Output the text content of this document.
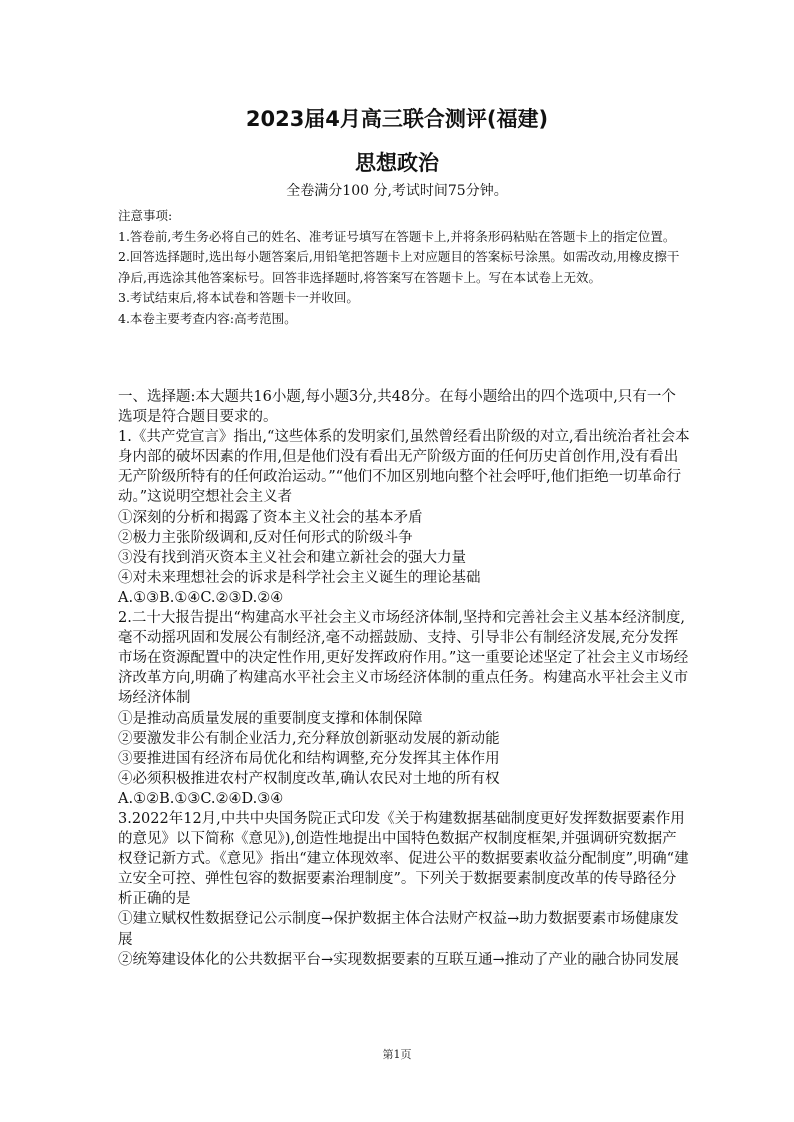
2023届4月高三联合测评(福建)
思想政治
全卷满分100 分,考试时间75分钟。

注意事项:

1.答卷前,考生务必将自己的姓名、准考证号填写在答题卡上,并将条形码粘贴在答题卡上的指定位置。

2.回答选择题时,选出每小题答案后,用铅笔把答题卡上对应题目的答案标号涂黑。如需改动,用橡皮擦干净后,再选涂其他答案标号。回答非选择题时,将答案写在答题卡上。写在本试卷上无效。

3.考试结束后,将本试卷和答题卡一并收回。

4.本卷主要考查内容:高考范围。

一、选择题:本大题共16小题,每小题3分,共48分。在每小题给出的四个选项中,只有一个选项是符合题目要求的。

1.《共产党宣言》指出,“这些体系的发明家们,虽然曾经看出阶级的对立,看出统治者社会本身内部的破坏因素的作用,但是他们没有看出无产阶级方面的任何历史首创作用,没有看出无产阶级所特有的任何政治运动。”“他们不加区别地向整个社会呼吁,他们拒绝一切革命行动。”这说明空想社会主义者

①深刻的分析和揭露了资本主义社会的基本矛盾

②极力主张阶级调和,反对任何形式的阶级斗争

③没有找到消灭资本主义社会和建立新社会的强大力量

④对未来理想社会的诉求是科学社会主义诞生的理论基础

A.①③B.①④C.②③D.②④

2.二十大报告提出“构建高水平社会主义市场经济体制,坚持和完善社会主义基本经济制度,毫不动摇巩固和发展公有制经济,毫不动摇鼓励、支持、引导非公有制经济发展,充分发挥市场在资源配置中的决定性作用,更好发挥政府作用。”这一重要论述坚定了社会主义市场经济改革方向,明确了构建高水平社会主义市场经济体制的重点任务。构建高水平社会主义市场经济体制

①是推动高质量发展的重要制度支撑和体制保障

②要激发非公有制企业活力,充分释放创新驱动发展的新动能

③要推进国有经济布局优化和结构调整,充分发挥其主体作用

④必须积极推进农村产权制度改革,确认农民对土地的所有权

A.①②B.①③C.②④D.③④

3.2022年12月,中共中央国务院正式印发《关于构建数据基础制度更好发挥数据要素作用的意见》以下简称《意见》),创造性地提出中国特色数据产权制度框架,并强调研究数据产权登记新方式。《意见》指出“建立体现效率、促进公平的数据要素收益分配制度”,明确“建立安全可控、弹性包容的数据要素治理制度”。下列关于数据要素制度改革的传导路径分析正确的是

①建立赋权性数据登记公示制度→保护数据主体合法财产权益→助力数据要素市场健康发展

②统筹建设体化的公共数据平台→实现数据要素的互联互通→推动了产业的融合协同发展

第1页
